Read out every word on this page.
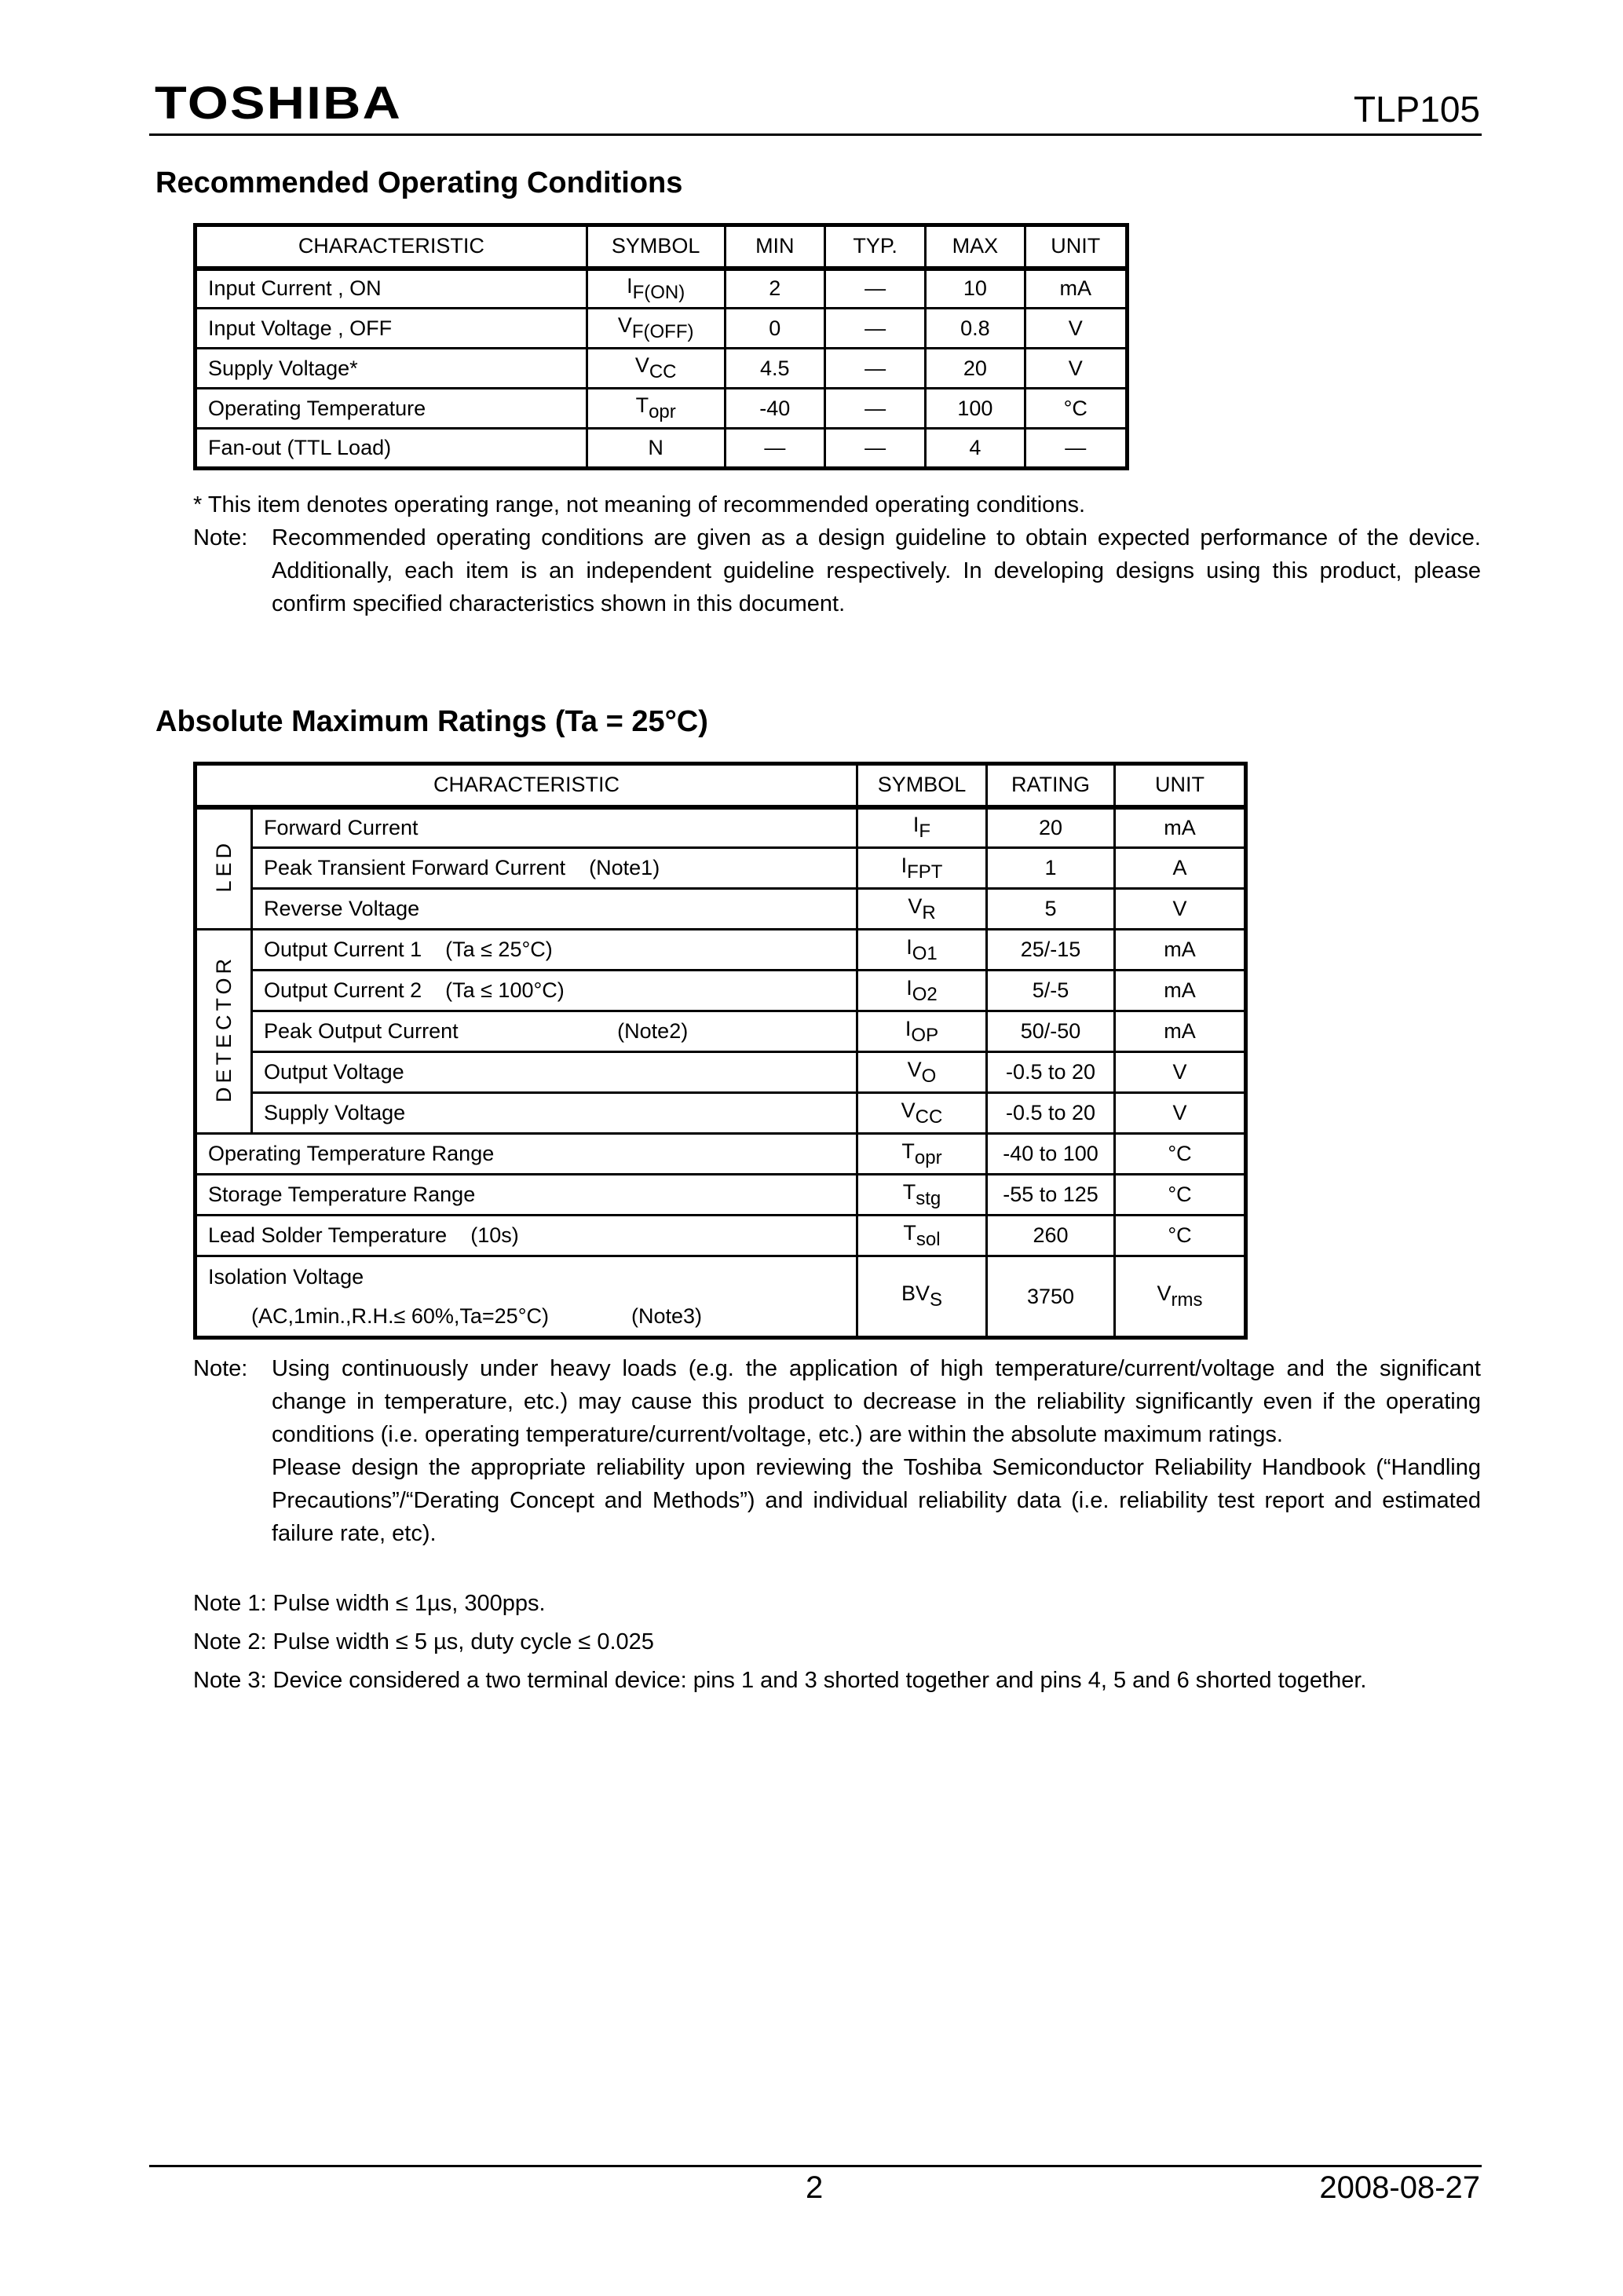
TOSHIBA	TLP105
Recommended Operating Conditions
CHARACTERISTIC	SYMBOL	MIN	TYP.	MAX	UNIT
Input Current , ON	$I_{F(ON)}$	2	—	10	mA
Input Voltage , OFF	$V_{F(OFF)}$	0	—	0.8	V
Supply Voltage*	$V_{CC}$	4.5	—	20	V
Operating Temperature	$T_{opr}$	-40	—	100	°C
Fan-out (TTL Load)	N	—	—	4	—
* This item denotes operating range, not meaning of recommended operating conditions.
Note: Recommended operating conditions are given as a design guideline to obtain expected performance of the device. Additionally, each item is an independent guideline respectively. In developing designs using this product, please confirm specified characteristics shown in this document.
Absolute Maximum Ratings (Ta = 25°C)
CHARACTERISTIC		SYMBOL	RATING	UNIT
LED	Forward Current	$I_F$	20	mA
	Peak Transient Forward Current    (Note1)	$I_{FPT}$	1	A
	Reverse Voltage	$V_R$	5	V
DETECTOR	Output Current 1    (Ta ≤ 25°C)	$I_{O1}$	25/-15	mA
	Output Current 2    (Ta ≤ 100°C)	$I_{O2}$	5/-5	mA
	Peak Output Current                           (Note2)	$I_{OP}$	50/-50	mA
	Output Voltage	$V_O$	-0.5 to 20	V
	Supply Voltage	$V_{CC}$	-0.5 to 20	V
Operating Temperature Range		$T_{opr}$	-40 to 100	°C
Storage Temperature Range		$T_{stg}$	-55 to 125	°C
Lead Solder Temperature    (10s)		$T_{sol}$	260	°C

Isolation Voltage
(AC,1min.,R.H.≤ 60%,Ta=25°C)              (Note3)		$BV_S$	3750	$V_{rms}$
Note: Using continuously under heavy loads (e.g. the application of high temperature/current/voltage and the significant change in temperature, etc.) may cause this product to decrease in the reliability significantly even if the operating conditions (i.e. operating temperature/current/voltage, etc.) are within the absolute maximum ratings.

Please design the appropriate reliability upon reviewing the Toshiba Semiconductor Reliability Handbook (“Handling Precautions”/“Derating Concept and Methods”) and individual reliability data (i.e. reliability test report and estimated failure rate, etc).

Note 1: Pulse width ≤ 1µs, 300pps.
Note 2: Pulse width ≤ 5 µs, duty cycle ≤ 0.025
Note 3: Device considered a two terminal device: pins 1 and 3 shorted together and pins 4, 5 and 6 shorted together.
2	2008-08-27
